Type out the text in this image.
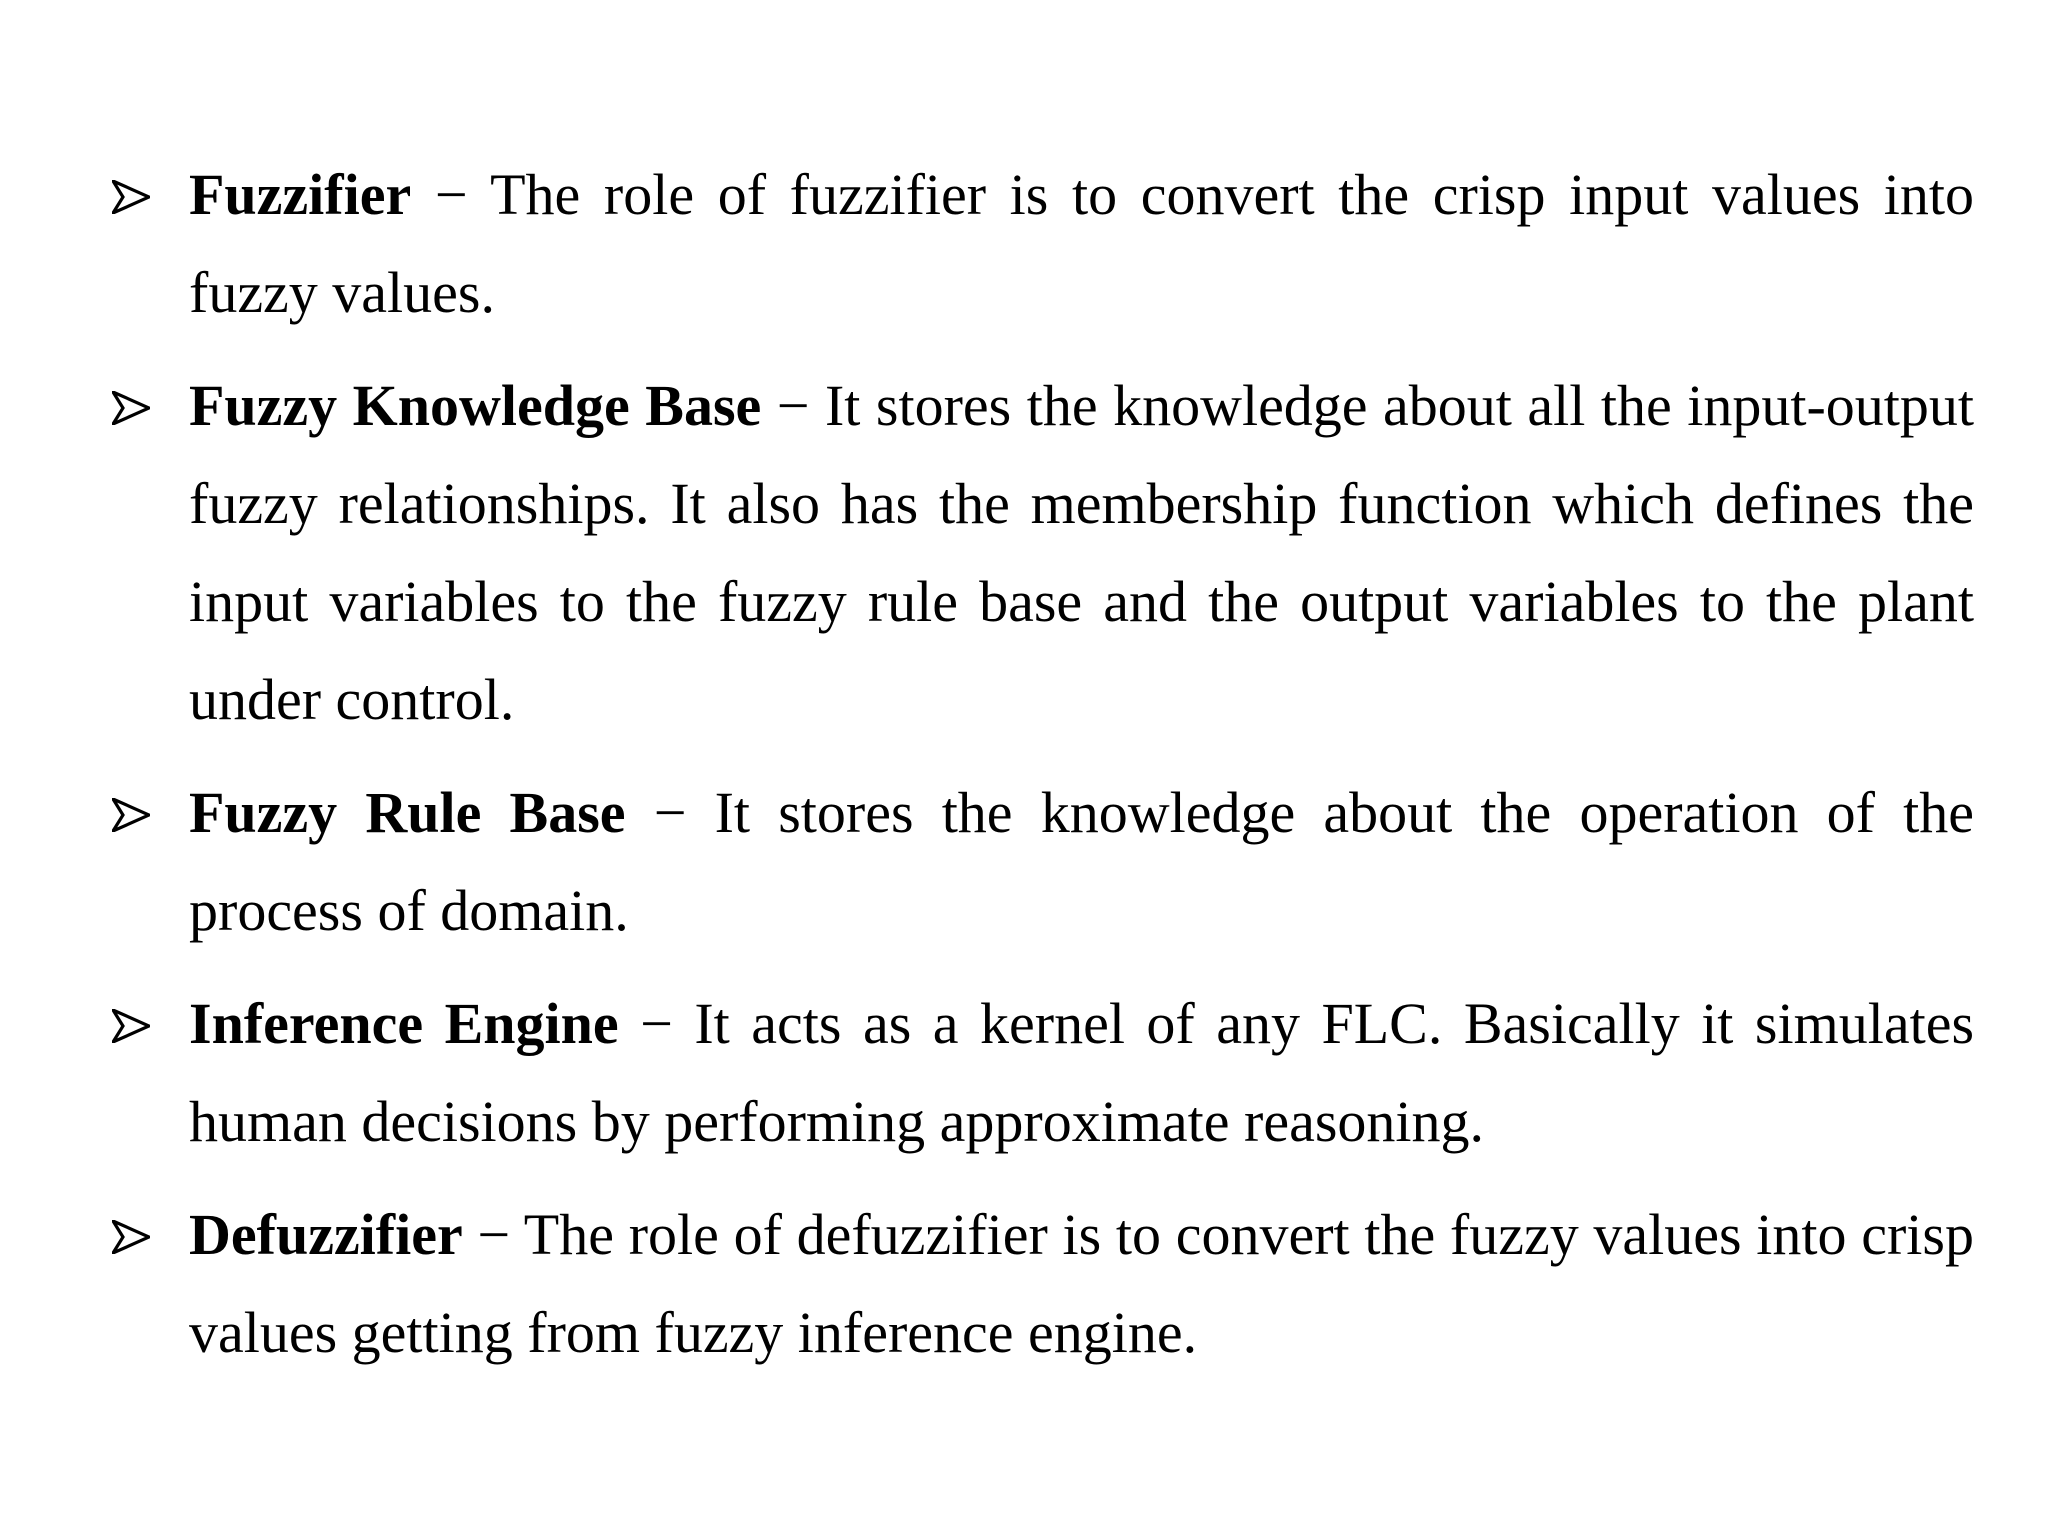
Fuzzifier − The role of fuzzifier is to convert the crisp input values into fuzzy values.
Fuzzy Knowledge Base − It stores the knowledge about all the input-output fuzzy relationships. It also has the membership function which defines the input variables to the fuzzy rule base and the output variables to the plant under control.
Fuzzy Rule Base − It stores the knowledge about the operation of the process of domain.
Inference Engine − It acts as a kernel of any FLC. Basically it simulates human decisions by performing approximate reasoning.
Defuzzifier − The role of defuzzifier is to convert the fuzzy values into crisp values getting from fuzzy inference engine.
